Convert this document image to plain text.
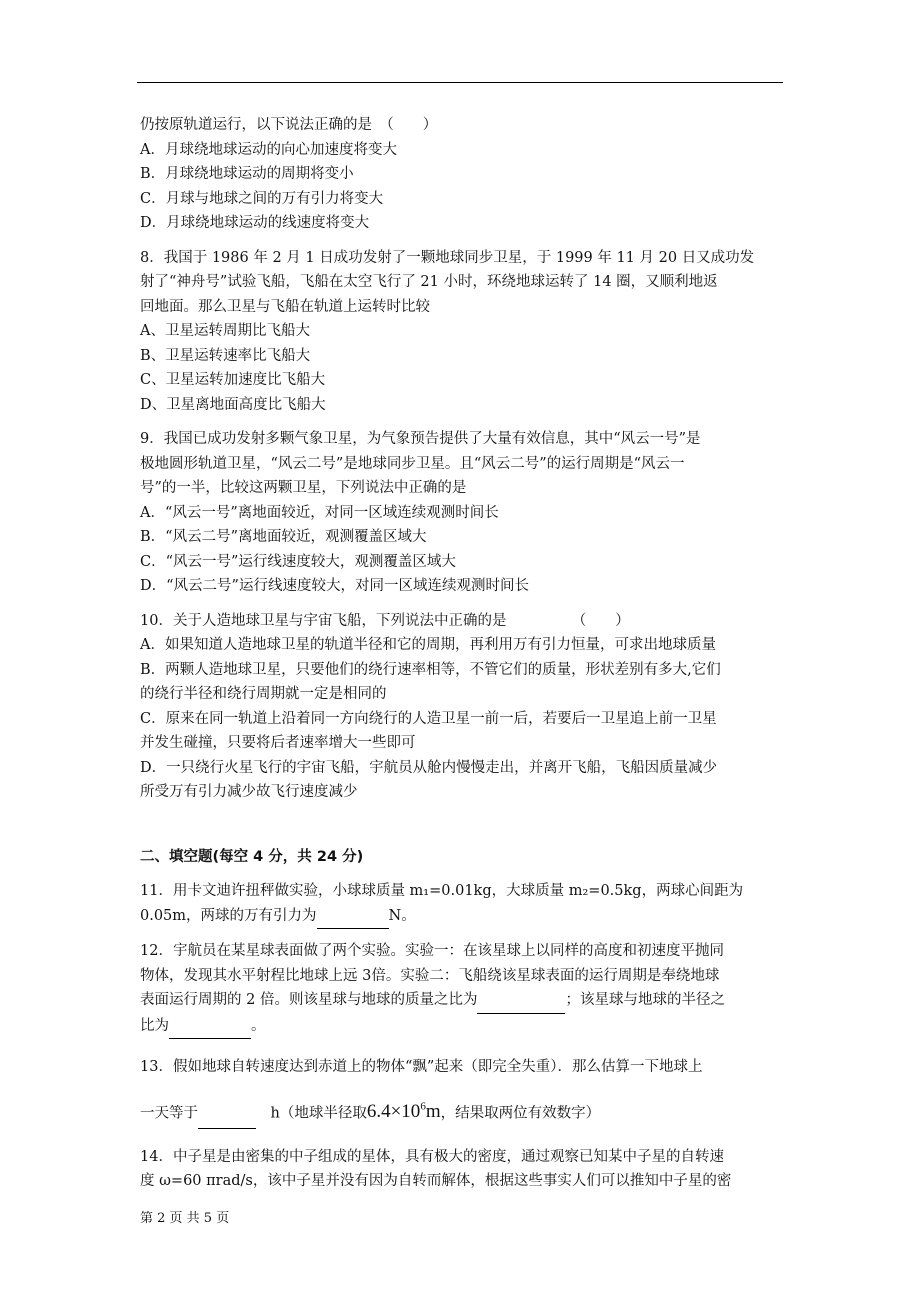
仍按原轨道运行，以下说法正确的是　（　　）
A．月球绕地球运动的向心加速度将变大
B．月球绕地球运动的周期将变小
C．月球与地球之间的万有引力将变大
D．月球绕地球运动的线速度将变大
8．我国于 1986 年 2 月 1 日成功发射了一颗地球同步卫星，于 1999 年 11 月 20 日又成功发
射了“神舟号”试验飞船，飞船在太空飞行了 21 小时，环绕地球运转了 14 圈，又顺利地返
回地面。那么卫星与飞船在轨道上运转时比较
A、卫星运转周期比飞船大
B、卫星运转速率比飞船大
C、卫星运转加速度比飞船大
D、卫星离地面高度比飞船大
9．我国已成功发射多颗气象卫星，为气象预告提供了大量有效信息，其中“风云一号”是
极地圆形轨道卫星，“风云二号”是地球同步卫星。且“风云二号”的运行周期是“风云一
号”的一半，比较这两颗卫星，下列说法中正确的是
A．“风云一号”离地面较近，对同一区域连续观测时间长
B．“风云二号”离地面较近，观测覆盖区域大
C．“风云一号”运行线速度较大，观测覆盖区域大
D．“风云二号”运行线速度较大，对同一区域连续观测时间长
10．关于人造地球卫星与宇宙飞船，下列说法中正确的是　　　　　（　　）
A．如果知道人造地球卫星的轨道半径和它的周期，再利用万有引力恒量，可求出地球质量
B．两颗人造地球卫星，只要他们的绕行速率相等，不管它们的质量，形状差别有多大,它们
的绕行半径和绕行周期就一定是相同的
C．原来在同一轨道上沿着同一方向绕行的人造卫星一前一后，若要后一卫星追上前一卫星
并发生碰撞，只要将后者速率增大一些即可
D．一只绕行火星飞行的宇宙飞船，宇航员从舱内慢慢走出，并离开飞船，飞船因质量减少
所受万有引力减少故飞行速度减少
二、填空题(每空 4 分，共 24 分)
11．用卡文迪许扭秤做实验，小球球质量 m₁=0.01kg，大球质量 m₂=0.5kg，两球心间距为
0.05m，两球的万有引力为	N。
12．宇航员在某星球表面做了两个实验。实验一：在该星球上以同样的高度和初速度平抛同
物体，发现其水平射程比地球上远 3倍。实验二：飞船绕该星球表面的运行周期是奉绕地球
表面运行周期的 2 倍。则该星球与地球的质量之比为	；该星球与地球的半径之
比为	。
13．假如地球自转速度达到赤道上的物体“飘”起来（即完全失重）．那么估算一下地球上
一天等于	　h（地球半径取$6.4\times 10^6m$，结果取两位有效数字）
14．中子星是由密集的中子组成的星体，具有极大的密度，通过观察已知某中子星的自转速
度 ω=60 πrad/s，该中子星并没有因为自转而解体，根据这些事实人们可以推知中子星的密
第 2 页 共 5 页
